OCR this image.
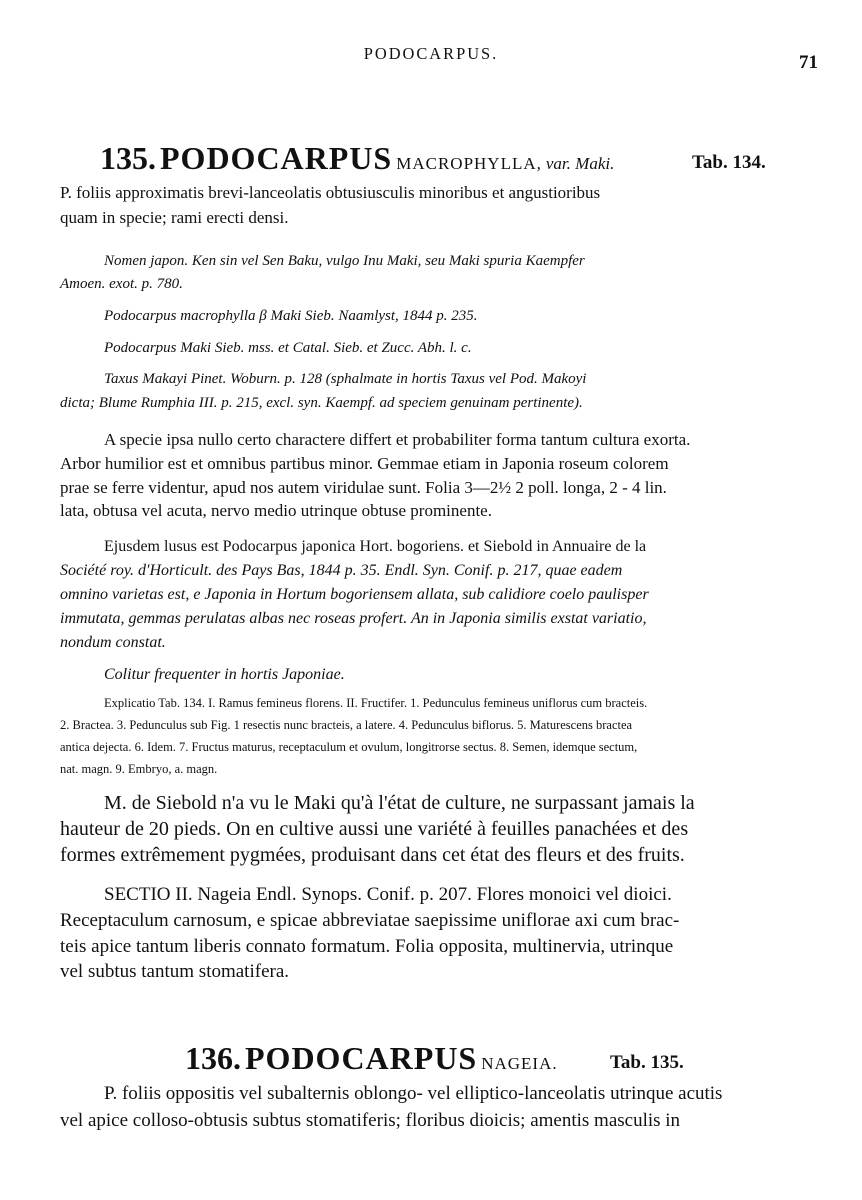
PODOCARPUS.	71
135. PODOCARPUS MACROPHYLLA, var. Maki.	Tab. 134.
P. foliis approximatis brevi-lanceolatis obtusiusculis minoribus et angustioribus
quam in specie; rami erecti densi.
Nomen japon. Ken sin vel Sen Baku, vulgo Inu Maki, seu Maki spuria Kaempfer
Amoen. exot. p. 780.
Podocarpus macrophylla β Maki Sieb. Naamlyst, 1844 p. 235.
Podocarpus Maki Sieb. mss. et Catal. Sieb. et Zucc. Abh. l. c.
Taxus Makayi Pinet. Woburn. p. 128 (sphalmate in hortis Taxus vel Pod. Makoyi
dicta; Blume Rumphia III. p. 215, excl. syn. Kaempf. ad speciem genuinam pertinente).
A specie ipsa nullo certo charactere differt et probabiliter forma tantum cultura exorta.
Arbor humilior est et omnibus partibus minor. Gemmae etiam in Japonia roseum colorem
prae se ferre videntur, apud nos autem viridulae sunt. Folia 3—2½ 2 poll. longa, 2 - 4 lin.
lata, obtusa vel acuta, nervo medio utrinque obtuse prominente.
Ejusdem lusus est Podocarpus japonica Hort. bogoriens. et Siebold in Annuaire de la
Société roy. d'Horticult. des Pays Bas, 1844 p. 35. Endl. Syn. Conif. p. 217, quae eadem
omnino varietas est, e Japonia in Hortum bogoriensem allata, sub calidiore coelo paulisper
immutata, gemmas perulatas albas nec roseas profert. An in Japonia similis exstat variatio,
nondum constat.
Colitur frequenter in hortis Japoniae.
Explicatio Tab. 134. I. Ramus femineus florens. II. Fructifer. 1. Pedunculus femineus uniflorus cum bracteis.
2. Bractea. 3. Pedunculus sub Fig. 1 resectis nunc bracteis, a latere. 4. Pedunculus biflorus. 5. Maturescens bractea
antica dejecta. 6. Idem. 7. Fructus maturus, receptaculum et ovulum, longitrorse sectus. 8. Semen, idemque sectum,
nat. magn. 9. Embryo, a. magn.
M. de Siebold n'a vu le Maki qu'à l'état de culture, ne surpassant jamais la
hauteur de 20 pieds. On en cultive aussi une variété à feuilles panachées et des
formes extrêmement pygmées, produisant dans cet état des fleurs et des fruits.
SECTIO II. Nageia Endl. Synops. Conif. p. 207. Flores monoici vel dioici.
Receptaculum carnosum, e spicae abbreviatae saepissime uniflorae axi cum brac-
teis apice tantum liberis connato formatum. Folia opposita, multinervia, utrinque
vel subtus tantum stomatifera.
136. PODOCARPUS NAGEIA.	Tab. 135.
P. foliis oppositis vel subalternis oblongo- vel elliptico-lanceolatis utrinque acutis
vel apice colloso-obtusis subtus stomatiferis; floribus dioicis; amentis masculis in
